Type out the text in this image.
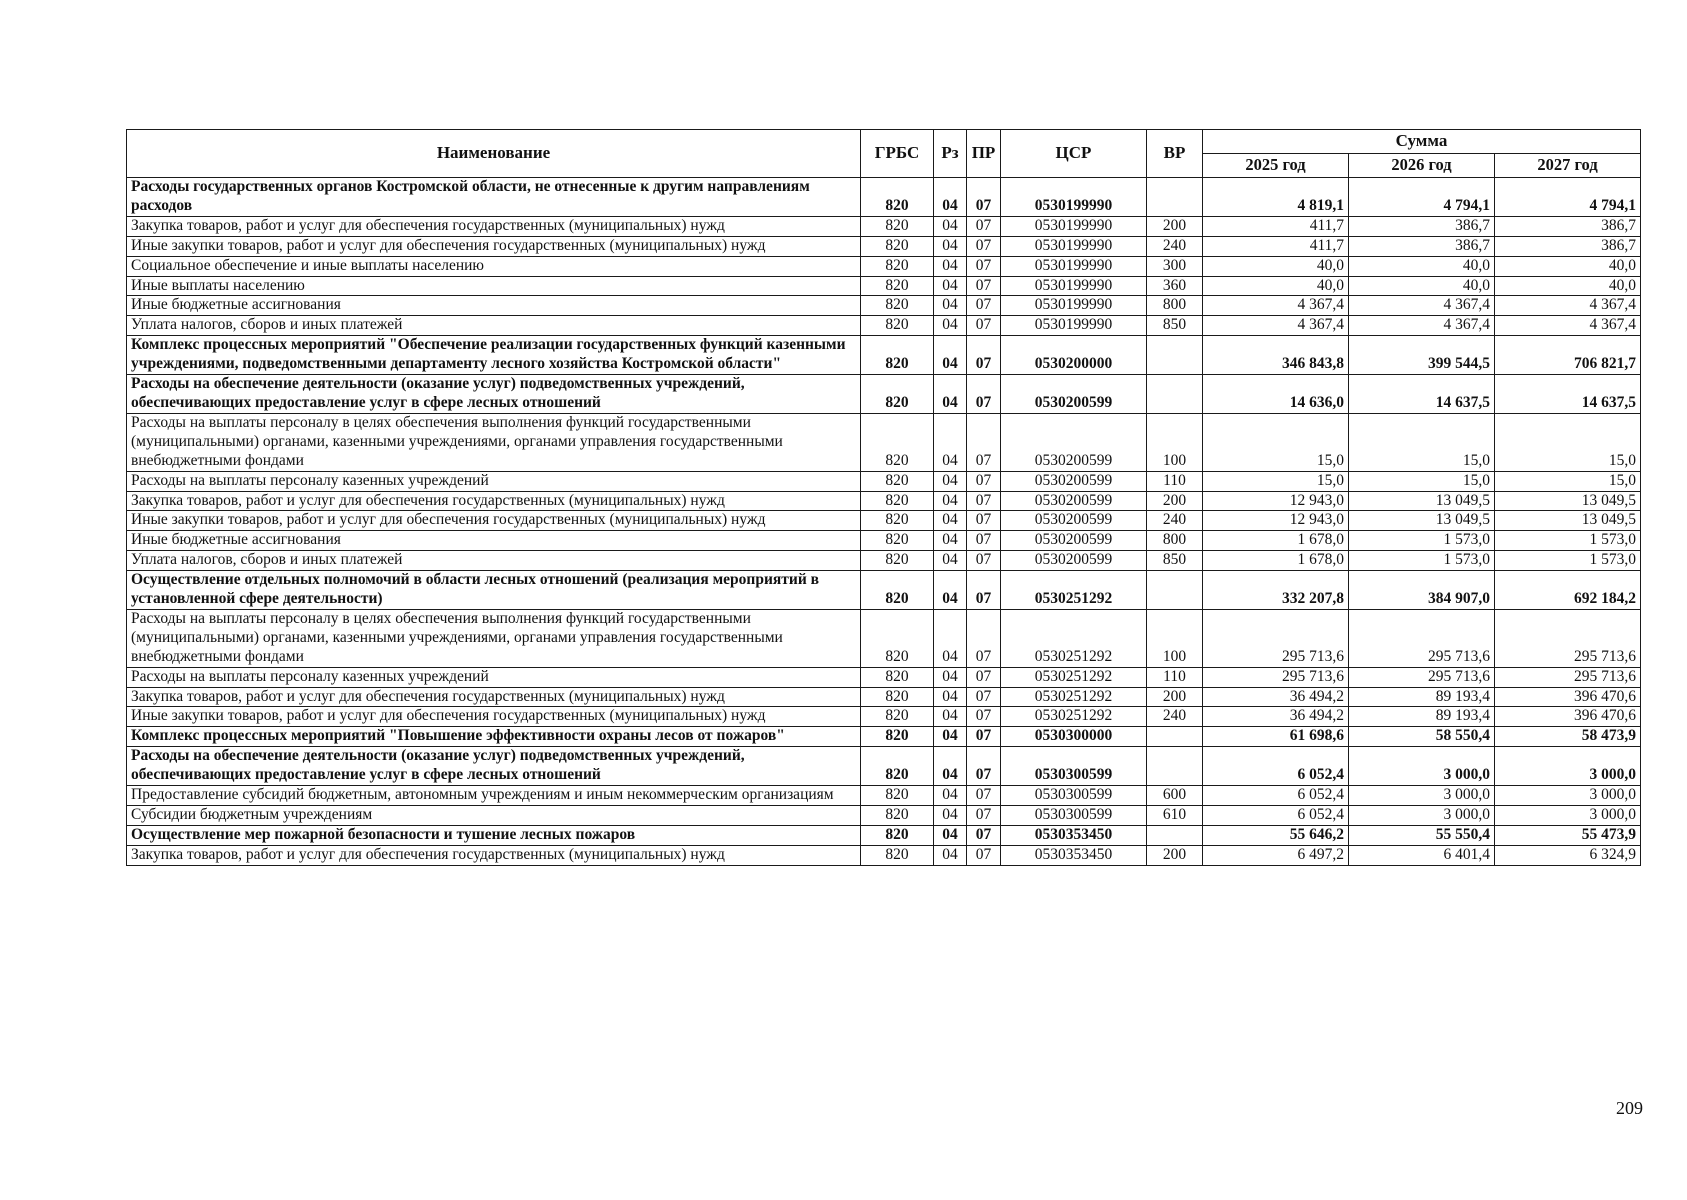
Наименование	ГРБС	Рз	ПР	ЦСР	ВР	Сумма		
						2025 год	2026 год	2027 год
Расходы государственных органов Костромской области, не отнесенные к другим направлениям расходов	820	04	07	0530199990		4 819,1	4 794,1	4 794,1
Закупка товаров, работ и услуг для обеспечения государственных (муниципальных) нужд	820	04	07	0530199990	200	411,7	386,7	386,7
Иные закупки товаров, работ и услуг для обеспечения государственных (муниципальных) нужд	820	04	07	0530199990	240	411,7	386,7	386,7
Социальное обеспечение и иные выплаты населению	820	04	07	0530199990	300	40,0	40,0	40,0
Иные выплаты населению	820	04	07	0530199990	360	40,0	40,0	40,0
Иные бюджетные ассигнования	820	04	07	0530199990	800	4 367,4	4 367,4	4 367,4
Уплата налогов, сборов и иных платежей	820	04	07	0530199990	850	4 367,4	4 367,4	4 367,4
Комплекс процессных мероприятий "Обеспечение реализации государственных функций казенными учреждениями, подведомственными департаменту лесного хозяйства Костромской области"	820	04	07	0530200000		346 843,8	399 544,5	706 821,7
Расходы на обеспечение деятельности (оказание услуг) подведомственных учреждений, обеспечивающих предоставление услуг в сфере лесных отношений	820	04	07	0530200599		14 636,0	14 637,5	14 637,5
Расходы на выплаты персоналу в целях обеспечения выполнения функций государственными (муниципальными) органами, казенными учреждениями, органами управления государственными внебюджетными фондами	820	04	07	0530200599	100	15,0	15,0	15,0
Расходы на выплаты персоналу казенных учреждений	820	04	07	0530200599	110	15,0	15,0	15,0
Закупка товаров, работ и услуг для обеспечения государственных (муниципальных) нужд	820	04	07	0530200599	200	12 943,0	13 049,5	13 049,5
Иные закупки товаров, работ и услуг для обеспечения государственных (муниципальных) нужд	820	04	07	0530200599	240	12 943,0	13 049,5	13 049,5
Иные бюджетные ассигнования	820	04	07	0530200599	800	1 678,0	1 573,0	1 573,0
Уплата налогов, сборов и иных платежей	820	04	07	0530200599	850	1 678,0	1 573,0	1 573,0
Осуществление отдельных полномочий в области лесных отношений (реализация мероприятий в установленной сфере деятельности)	820	04	07	0530251292		332 207,8	384 907,0	692 184,2
Расходы на выплаты персоналу в целях обеспечения выполнения функций государственными (муниципальными) органами, казенными учреждениями, органами управления государственными внебюджетными фондами	820	04	07	0530251292	100	295 713,6	295 713,6	295 713,6
Расходы на выплаты персоналу казенных учреждений	820	04	07	0530251292	110	295 713,6	295 713,6	295 713,6
Закупка товаров, работ и услуг для обеспечения государственных (муниципальных) нужд	820	04	07	0530251292	200	36 494,2	89 193,4	396 470,6
Иные закупки товаров, работ и услуг для обеспечения государственных (муниципальных) нужд	820	04	07	0530251292	240	36 494,2	89 193,4	396 470,6
Комплекс процессных мероприятий "Повышение эффективности охраны лесов от пожаров"	820	04	07	0530300000		61 698,6	58 550,4	58 473,9
Расходы на обеспечение деятельности (оказание услуг) подведомственных учреждений, обеспечивающих предоставление услуг в сфере лесных отношений	820	04	07	0530300599		6 052,4	3 000,0	3 000,0
Предоставление субсидий бюджетным, автономным учреждениям и иным некоммерческим организациям	820	04	07	0530300599	600	6 052,4	3 000,0	3 000,0
Субсидии бюджетным учреждениям	820	04	07	0530300599	610	6 052,4	3 000,0	3 000,0
Осуществление мер пожарной безопасности и тушение лесных пожаров	820	04	07	0530353450		55 646,2	55 550,4	55 473,9
Закупка товаров, работ и услуг для обеспечения государственных (муниципальных) нужд	820	04	07	0530353450	200	6 497,2	6 401,4	6 324,9
209
